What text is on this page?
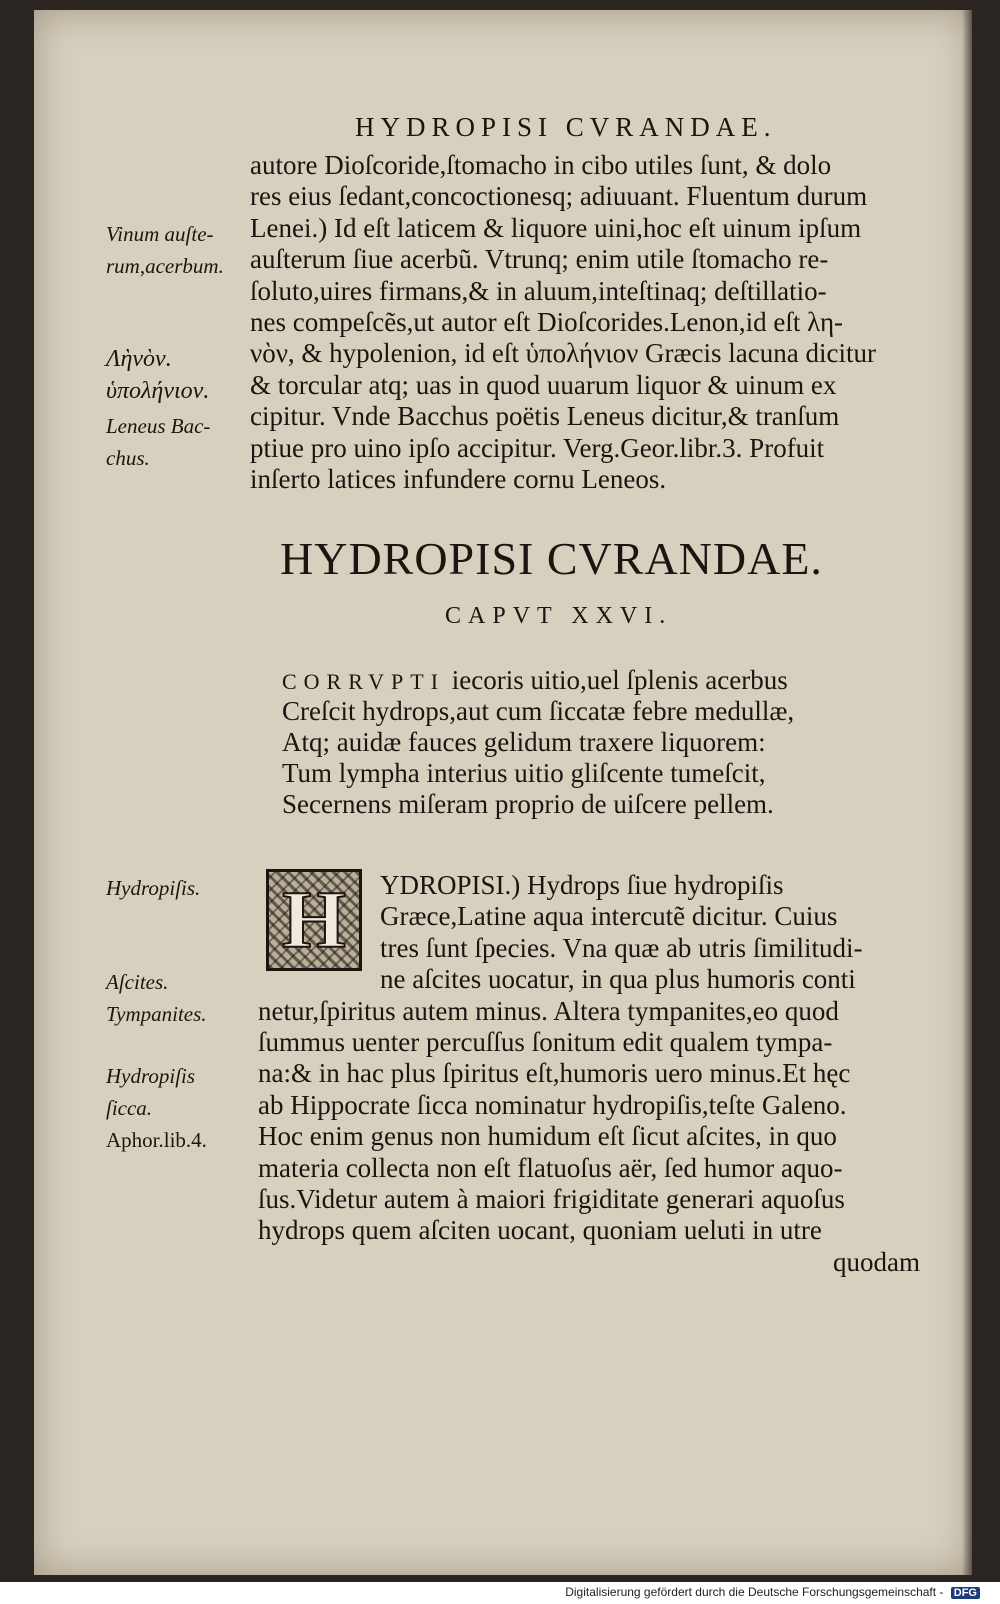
HYDROPISI CVRANDAE.
autore Dioſcoride,ſtomacho in cibo utiles ſunt, & dolo
res eius ſedant,concoctionesq; adiuuant. Fluentum durum
Lenei.) Id eſt laticem & liquore uini,hoc eſt uinum ipſum
auſterum ſiue acerbũ. Vtrunq; enim utile ſtomacho re-
ſoluto,uires firmans,& in aluum,inteſtinaq; deſtillatio-
nes compeſcẽs,ut autor eſt Dioſcorides.Lenon,id eſt λη-
νὸν, & hypolenion, id eſt ὑπολήνιον Græcis lacuna dicitur
& torcular atq; uas in quod uuarum liquor & uinum ex
cipitur. Vnde Bacchus poëtis Leneus dicitur,& tranſum
ptiue pro uino ipſo accipitur. Verg.Geor.libr.3. Profuit
inſerto latices infundere cornu Leneos.
Vinum auſte-
rum,acerbum.
Λὴνὸν.
ὑπολήνιον.
Leneus Bac-
chus.
HYDROPISI CVRANDAE.
CAPVT XXVI.
CORRVPTI iecoris uitio,uel ſplenis acerbus
Creſcit hydrops,aut cum ſiccatæ febre medullæ,
Atq; auidæ fauces gelidum traxere liquorem:
Tum lympha interius uitio gliſcente tumeſcit,
Secernens miſeram proprio de uiſcere pellem.
H	YDROPISI.) Hydrops ſiue hydropiſis
Græce,Latine aqua intercutẽ dicitur. Cuius
tres ſunt ſpecies. Vna quæ ab utris ſimilitudi-
ne aſcites uocatur, in qua plus humoris conti
netur,ſpiritus autem minus. Altera tympanites,eo quod
ſummus uenter percuſſus ſonitum edit qualem tympa-
na:& in hac plus ſpiritus eſt,humoris uero minus.Et hęc
ab Hippocrate ſicca nominatur hydropiſis,teſte Galeno.
Hoc enim genus non humidum eſt ſicut aſcites, in quo
materia collecta non eſt flatuoſus aër, ſed humor aquo-
ſus.Videtur autem à maiori frigiditate generari aquoſus
hydrops quem aſciten uocant, quoniam ueluti in utre
quodam
Hydropiſis.
Aſcites.
Tympanites.
Hydropiſis
ſicca.
Aphor.lib.4.
Digitalisierung gefördert durch die Deutsche Forschungsgemeinschaft - DFG
